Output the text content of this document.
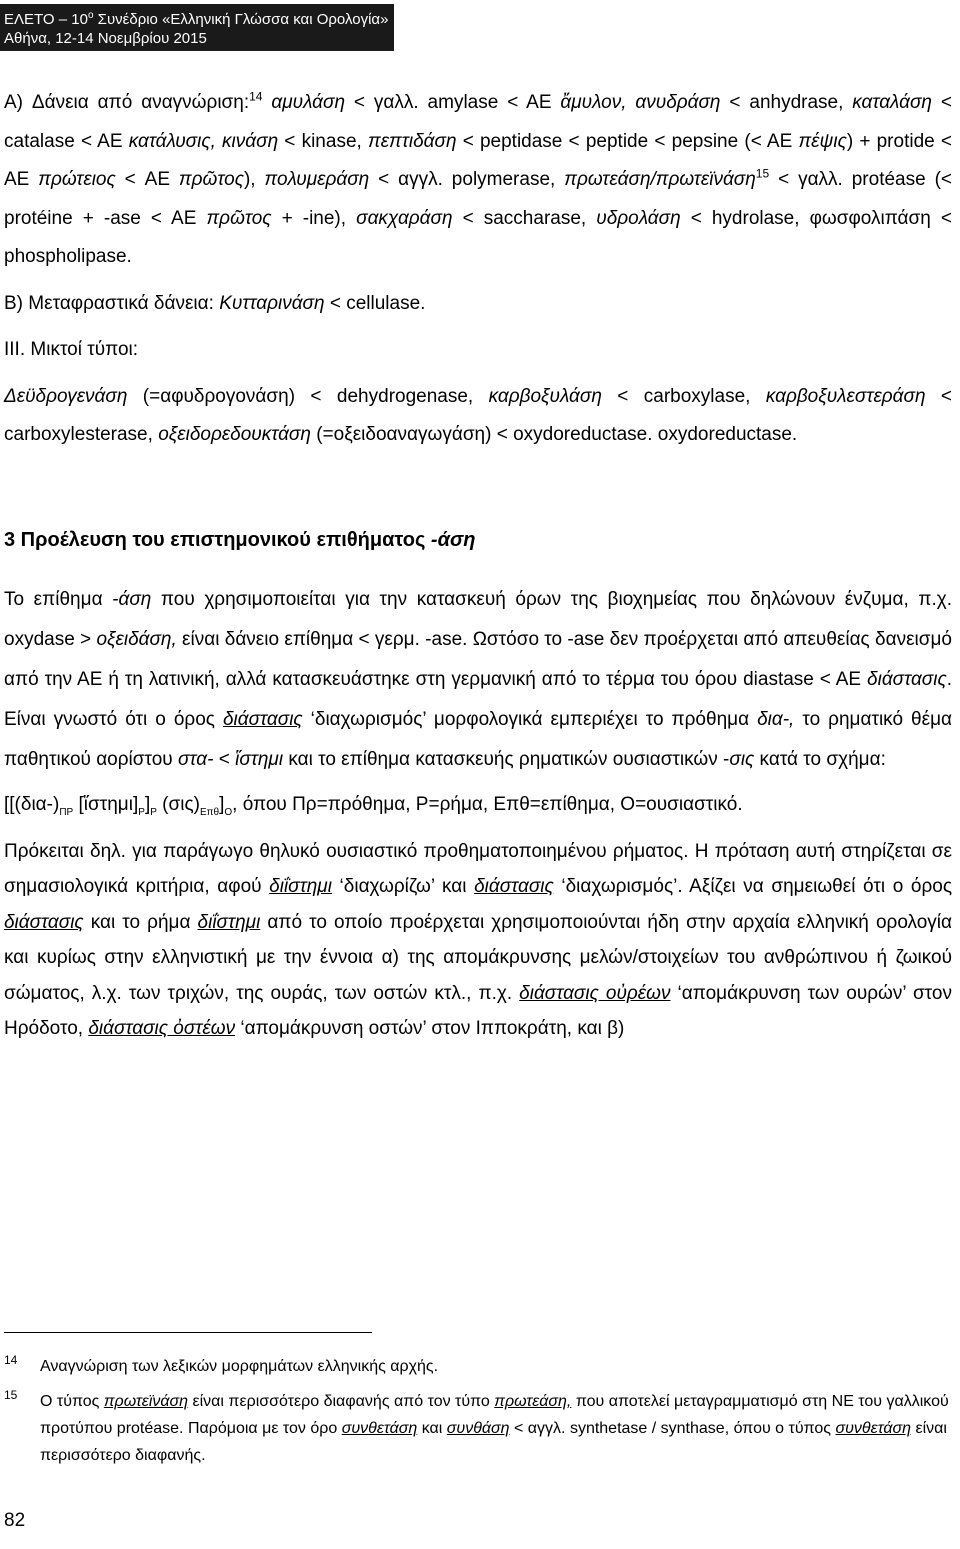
ΕΛΕΤΟ – $10^o$ Συνέδριο «Ελληνική Γλώσσα και Ορολογία»
Αθήνα, 12-14 Νοεμβρίου 2015

A) Δάνεια από αναγνώριση:$^{14}$ αμυλάση < γαλλ. amylase < AE ἄμυλον, ανυδράση < anhydrase, καταλάση < catalase < AE κατάλυσις, κινάση < kinase, πεπτιδάση < peptidase < peptide < pepsine (< AE πέψις) + protide < AE πρώτειος < AE πρῶτος), πολυμεράση < αγγλ. polymerase, πρωτεάση/πρωτεϊνάση$^{15}$ < γαλλ. protéase (< protéine + -ase < AE πρῶτος + -ine), σακχαράση < saccharase, υδρολάση < hydrolase, φωσφολιπάση < phospholipase.

B) Μεταφραστικά δάνεια: Κυτταρινάση < cellulase.

III. Μικτοί τύποι:

Δεϋδρογενάση (=αφυδρογονάση) < dehydrogenase, καρβοξυλάση < carboxylase, καρβοξυλεστεράση < carboxylesterase, οξειδορεδουκτάση (=οξειδοαναγωγάση) < oxydoreductase. oxydoreductase.

3 Προέλευση του επιστημονικού επιθήματος -άση

Το επίθημα -άση που χρησιμοποιείται για την κατασκευή όρων της βιοχημείας που δηλώνουν ένζυμα, π.χ. oxydase > οξειδάση, είναι δάνειο επίθημα < γερμ. -ase. Ωστόσο το -ase δεν προέρχεται από απευθείας δανεισμό από την ΑΕ ή τη λατινική, αλλά κατασκευάστηκε στη γερμανική από το τέρμα του όρου diastase < AE διάστασις. Είναι γνωστό ότι ο όρος διάστασις ‘διαχωρισμός’ μορφολογικά εμπεριέχει το πρόθημα δια-, το ρηματικό θέμα παθητικού αορίστου στα- < ἵστημι και το επίθημα κατασκευής ρηματικών ουσιαστικών -σις κατά το σχήμα:

[[$(\delta\iota\alpha-)_{\Pi P}$ $[ἵ\sigma\tau\eta\mu\iota]_P]_P$ $(\sigma\iota\varsigma)_{E\pi\theta}]_O$, όπου Πρ=πρόθημα, Ρ=ρήμα, Επθ=επίθημα, Ο=ουσιαστικό.

Πρόκειται δηλ. για παράγωγο θηλυκό ουσιαστικό προθηματοποιημένου ρήματος. Η πρόταση αυτή στηρίζεται σε σημασιολογικά κριτήρια, αφού διΐστημι ‘διαχωρίζω’ και διάστασις ‘διαχωρισμός’. Αξίζει να σημειωθεί ότι ο όρος διάστασις και το ρήμα διΐστημι από το οποίο προέρχεται χρησιμοποιούνται ήδη στην αρχαία ελληνική ορολογία και κυρίως στην ελληνιστική με την έννοια α) της απομάκρυνσης μελών/στοιχείων του ανθρώπινου ή ζωικού σώματος, λ.χ. των τριχών, της ουράς, των οστών κτλ., π.χ. διάστασις οὐρέων ‘απομάκρυνση των ουρών’ στον Ηρόδοτο, διάστασις ὀστέων ‘απομάκρυνση οστών’ στον Ιπποκράτη, και β)

14 Αναγνώριση των λεξικών μορφημάτων ελληνικής αρχής.
15 Ο τύπος πρωτεϊνάση είναι περισσότερο διαφανής από τον τύπο πρωτεάση, που αποτελεί μεταγραμματισμό στη ΝΕ του γαλλικού προτύπου protéase. Παρόμοια με τον όρο συνθετάση και συνθάση < αγγλ. synthetase / synthase, όπου ο τύπος συνθετάση είναι περισσότερο διαφανής.
82
